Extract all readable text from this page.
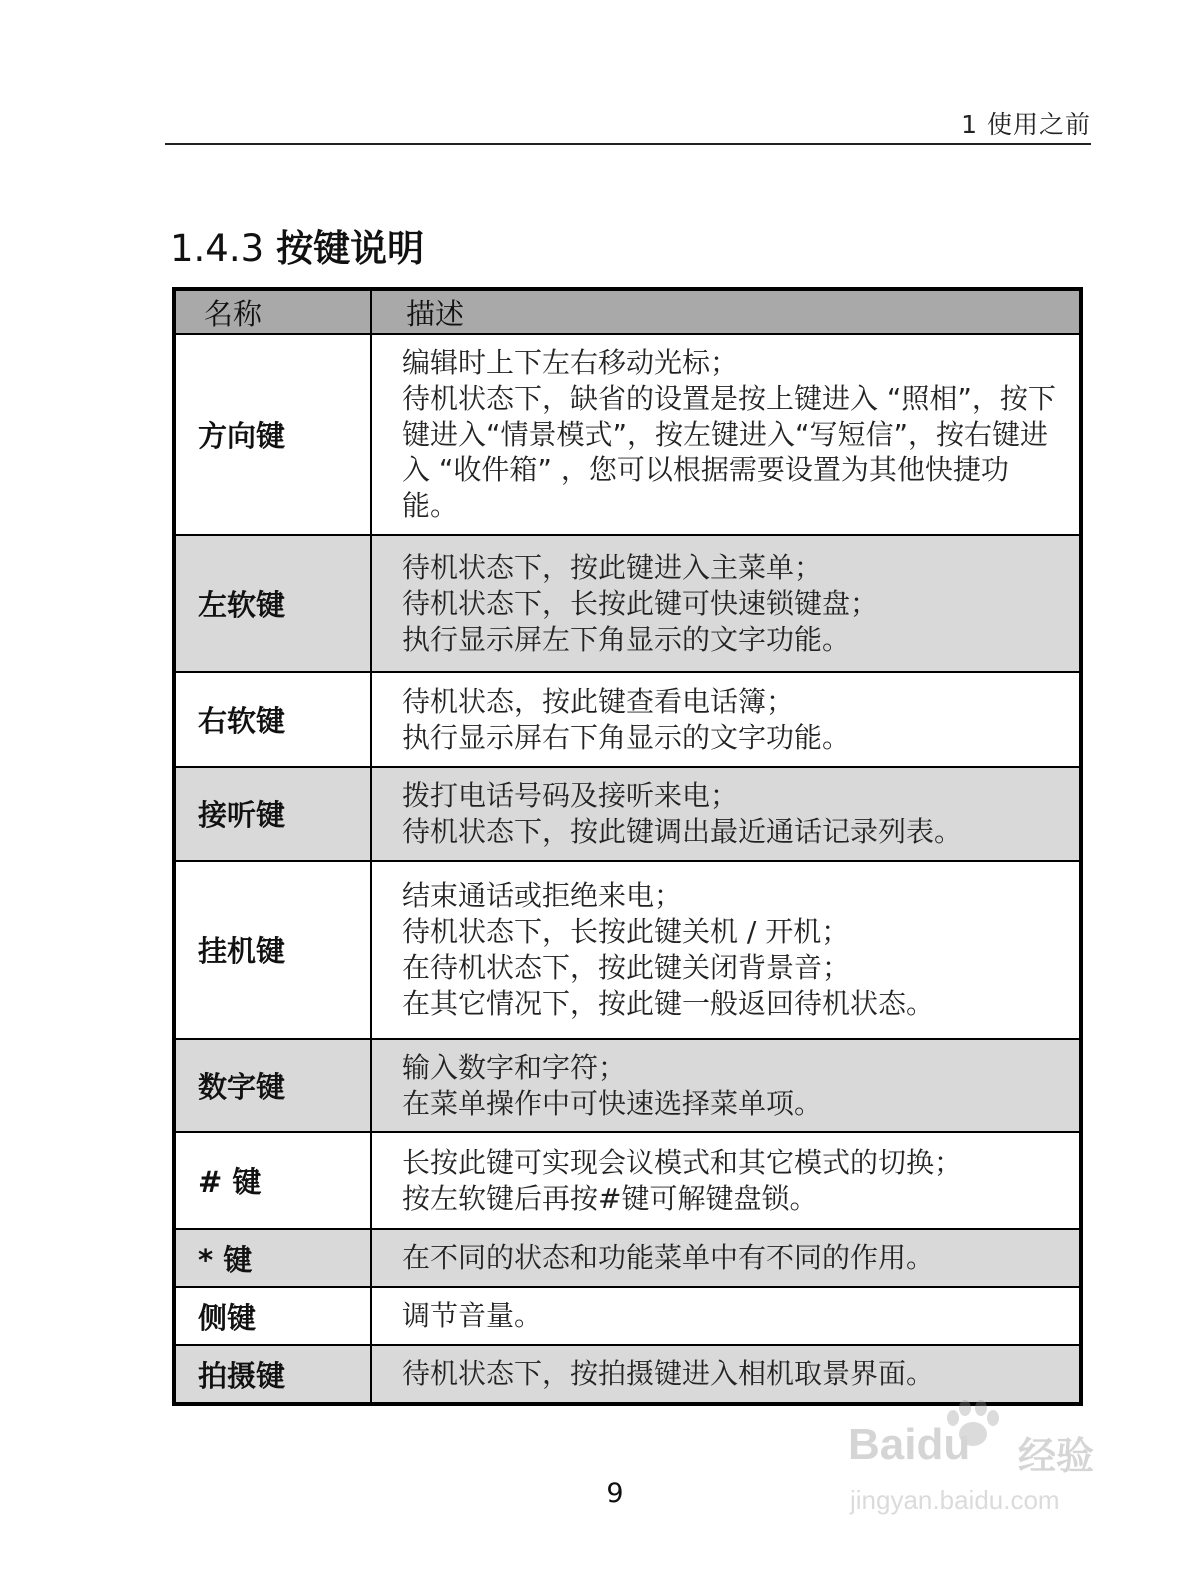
1 使用之前
1.4.3 按键说明
名称	描述
方向键	编辑时上下左右移动光标；
待机状态下，缺省的设置是按上键进入 “照相”，按下键进入“情景模式”，按左键进入“写短信”，按右键进入 “收件箱” ，您可以根据需要设置为其他快捷功能。

左软键	待机状态下，按此键进入主菜单；
待机状态下，长按此键可快速锁键盘；
执行显示屏左下角显示的文字功能。

右软键	待机状态，按此键查看电话簿；
执行显示屏右下角显示的文字功能。

接听键	拨打电话号码及接听来电；
待机状态下，按此键调出最近通话记录列表。

挂机键	结束通话或拒绝来电；
待机状态下，长按此键关机 / 开机；
在待机状态下，按此键关闭背景音；
在其它情况下，按此键一般返回待机状态。

数字键	输入数字和字符；
在菜单操作中可快速选择菜单项。

# 键	长按此键可实现会议模式和其它模式的切换；
按左软键后再按#键可解键盘锁。

* 键	在不同的状态和功能菜单中有不同的作用。

侧键	调节音量。

拍摄键	待机状态下，按拍摄键进入相机取景界面。
9
Baidu 经验
jingyan.baidu.com
